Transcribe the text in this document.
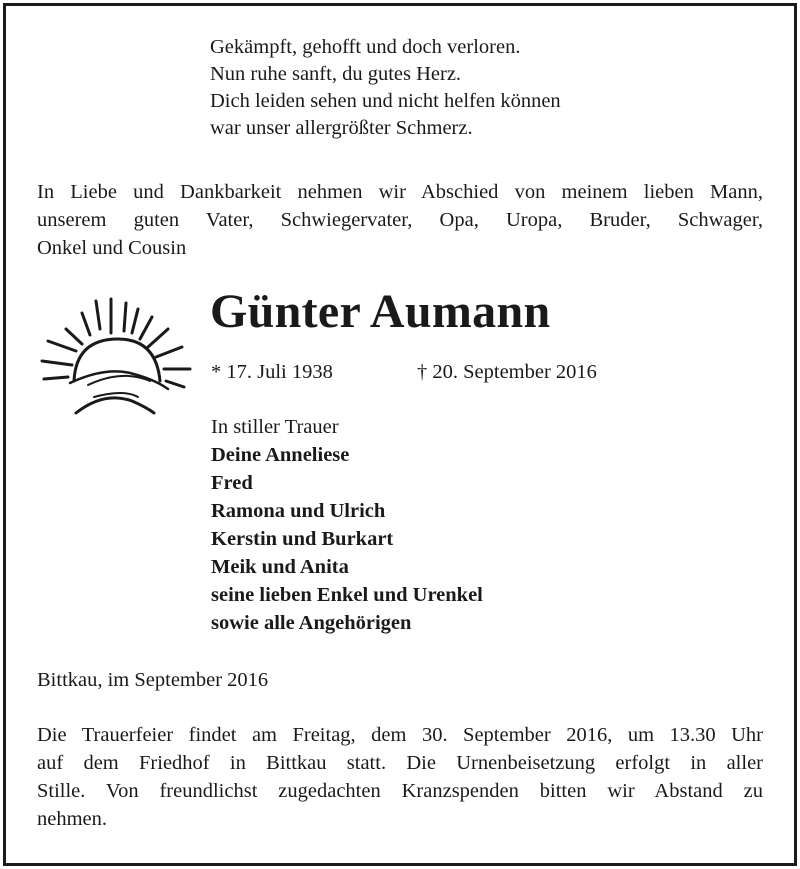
Gekämpft, gehofft und doch verloren.
Nun ruhe sanft, du gutes Herz.
Dich leiden sehen und nicht helfen können
war unser allergrößter Schmerz.
In Liebe und Dankbarkeit nehmen wir Abschied von meinem lieben Mann,
unserem guten Vater, Schwiegervater, Opa, Uropa, Bruder, Schwager,
Onkel und Cousin
Günter Aumann
* 17. Juli 1938	† 20. September 2016
In stiller Trauer
Deine Anneliese
Fred
Ramona und Ulrich
Kerstin und Burkart
Meik und Anita
seine lieben Enkel und Urenkel
sowie alle Angehörigen
Bittkau, im September 2016
Die Trauerfeier findet am Freitag, dem 30. September 2016, um 13.30 Uhr
auf dem Friedhof in Bittkau statt. Die Urnenbeisetzung erfolgt in aller
Stille. Von freundlichst zugedachten Kranzspenden bitten wir Abstand zu
nehmen.
